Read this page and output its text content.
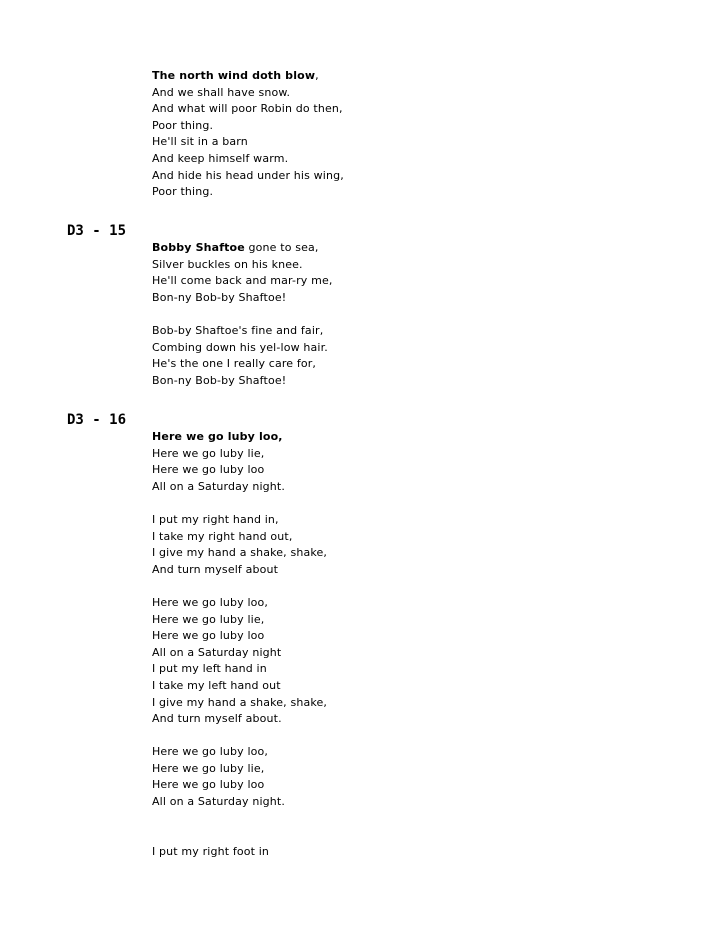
The north wind doth blow,
And we shall have snow.
And what will poor Robin do then,
Poor thing.
He'll sit in a barn
And keep himself warm.
And hide his head under his wing,
Poor thing.
D3 - 15
Bobby Shaftoe gone to sea,
Silver buckles on his knee.
He'll come back and mar-ry me,
Bon-ny Bob-by Shaftoe!
Bob-by Shaftoe's fine and fair,
Combing down his yel-low hair.
He's the one I really care for,
Bon-ny Bob-by Shaftoe!
D3 - 16
Here we go luby loo,
Here we go luby lie,
Here we go luby loo
All on a Saturday night.
I put my right hand in,
I take my right hand out,
I give my hand a shake, shake,
And turn myself about
Here we go luby loo,
Here we go luby lie,
Here we go luby loo
All on a Saturday night
I put my left hand in
I take my left hand out
I give my hand a shake, shake,
And turn myself about.
Here we go luby loo,
Here we go luby lie,
Here we go luby loo
All on a Saturday night.
I put my right foot in
